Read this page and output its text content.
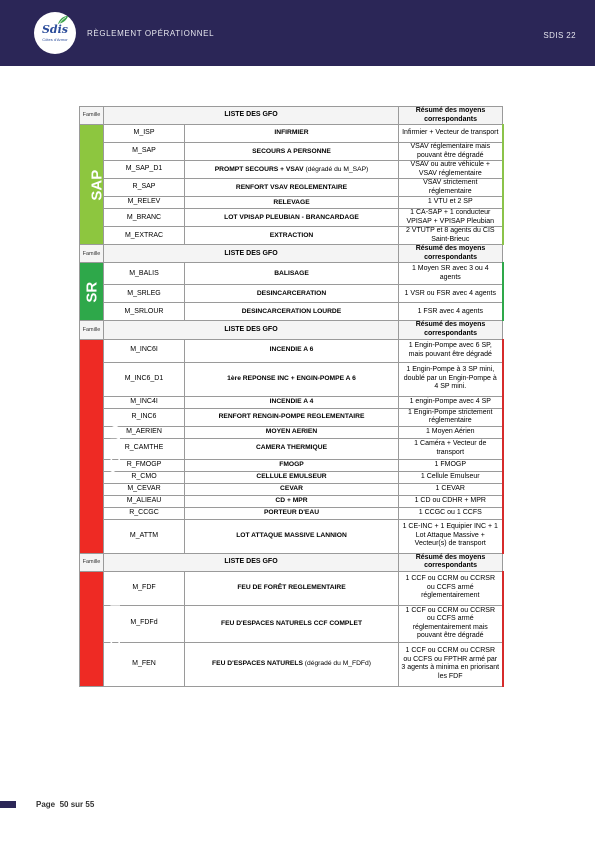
Sdis
Côtes d'Armor
RÈGLEMENT OPÉRATIONNEL	SDIS 22
Famille	LISTE DES GFO		Résumé des moyens correspondants
SAP	M_ISP	INFIRMIER	Infirmier + Vecteur de transport
	M_SAP	SECOURS A PERSONNE	VSAV réglementaire mais pouvant être dégradé
	M_SAP_D1	PROMPT SECOURS + VSAV (dégradé du M_SAP)	VSAV ou autre véhicule + VSAV réglementaire
	R_SAP	RENFORT VSAV REGLEMENTAIRE	VSAV strictement réglementaire
	M_RELEV	RELEVAGE	1 VTU et 2 SP
	M_BRANC	LOT VPISAP PLEUBIAN - BRANCARDAGE	1 CA-SAP + 1 conducteur VPISAP + VPISAP Pleubian
	M_EXTRAC	EXTRACTION	2 VTUTP et 8 agents du CIS Saint-Brieuc
Famille	LISTE DES GFO		Résumé des moyens correspondants
SR	M_BALIS	BALISAGE	1 Moyen SR avec 3 ou 4 agents
	M_SRLEG	DESINCARCERATION	1 VSR ou FSR avec 4 agents
	M_SRLOUR	DESINCARCERATION LOURDE	1 FSR avec 4 agents
Famille	LISTE DES GFO		Résumé des moyens correspondants
INCENDIE	M_INC6I	INCENDIE A 6	1 Engin-Pompe avec 6 SP, mais pouvant être dégradé
	M_INC6_D1	1ère REPONSE INC + ENGIN-POMPE A 6	1 Engin-Pompe à 3 SP mini, doublé par un Engin-Pompe à 4 SP mini.
	M_INC4I	INCENDIE A 4	1 engin-Pompe avec 4 SP
	R_INC6	RENFORT RENGIN-POMPE REGLEMENTAIRE	1 Engin-Pompe strictement réglementaire
	M_AERIEN	MOYEN AERIEN	1 Moyen Aérien
	R_CAMTHE	CAMERA THERMIQUE	1 Caméra + Vecteur de transport
	R_FMOGP	FMOGP	1 FMOGP
	R_CMO	CELLULE EMULSEUR	1 Cellule Emulseur
	M_CEVAR	CEVAR	1 CEVAR
	M_ALIEAU	CD + MPR	1 CD ou CDHR + MPR
	R_CCGC	PORTEUR D'EAU	1 CCGC ou 1 CCFS
	M_ATTM	LOT ATTAQUE MASSIVE LANNION	1 CE-INC + 1 Equipier INC + 1 Lot Attaque Massive + Vecteur(s) de transport
Famille	LISTE DES GFO		Résumé des moyens correspondants
INCENDIE	M_FDF	FEU DE FORÊT REGLEMENTAIRE	1 CCF ou CCRM ou CCRSR ou CCFS armé réglementairement
	M_FDFd	FEU D'ESPACES NATURELS CCF COMPLET	1 CCF ou CCRM ou CCRSR ou CCFS armé réglementairement mais pouvant être dégradé
	M_FEN	FEU D'ESPACES NATURELS (dégradé du M_FDFd)	1 CCF ou CCRM ou CCRSR ou CCFS ou FPTHR armé par 3 agents à minima en priorisant les FDF
Page 50 sur 55
